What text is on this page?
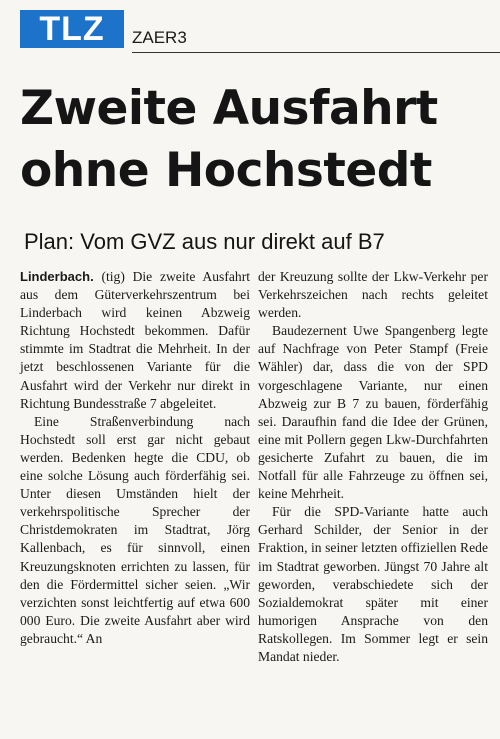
TLZ	ZAER3
Zweite Ausfahrt
ohne Hochstedt
Plan: Vom GVZ aus nur direkt auf B7

Linderbach. (tig) Die zweite Ausfahrt aus dem Güterverkehrszentrum bei Linderbach wird keinen Abzweig Richtung Hochstedt bekommen. Dafür stimmte im Stadtrat die Mehrheit. In der jetzt beschlossenen Variante für die Ausfahrt wird der Verkehr nur direkt in Richtung Bundesstraße 7 abgeleitet.

Eine Straßenverbindung nach Hochstedt soll erst gar nicht gebaut werden. Bedenken hegte die CDU, ob eine solche Lösung auch förderfähig sei. Unter diesen Umständen hielt der verkehrspolitische Sprecher der Christdemokraten im Stadtrat, Jörg Kallenbach, es für sinnvoll, einen Kreuzungsknoten errichten zu lassen, für den die Fördermittel sicher seien. „Wir verzichten sonst leichtfertig auf etwa 600 000 Euro. Die zweite Ausfahrt aber wird gebraucht.“ An

der Kreuzung sollte der Lkw-Verkehr per Verkehrszeichen nach rechts geleitet werden.

Baudezernent Uwe Spangenberg legte auf Nachfrage von Peter Stampf (Freie Wähler) dar, dass die von der SPD vorgeschlagene Variante, nur einen Abzweig zur B 7 zu bauen, förderfähig sei. Daraufhin fand die Idee der Grünen, eine mit Pollern gegen Lkw-Durchfahrten gesicherte Zufahrt zu bauen, die im Notfall für alle Fahrzeuge zu öffnen sei, keine Mehrheit.

Für die SPD-Variante hatte auch Gerhard Schilder, der Senior in der Fraktion, in seiner letzten offiziellen Rede im Stadtrat geworben. Jüngst 70 Jahre alt geworden, verabschiedete sich der Sozialdemokrat später mit einer humorigen Ansprache von den Ratskollegen. Im Sommer legt er sein Mandat nieder.
